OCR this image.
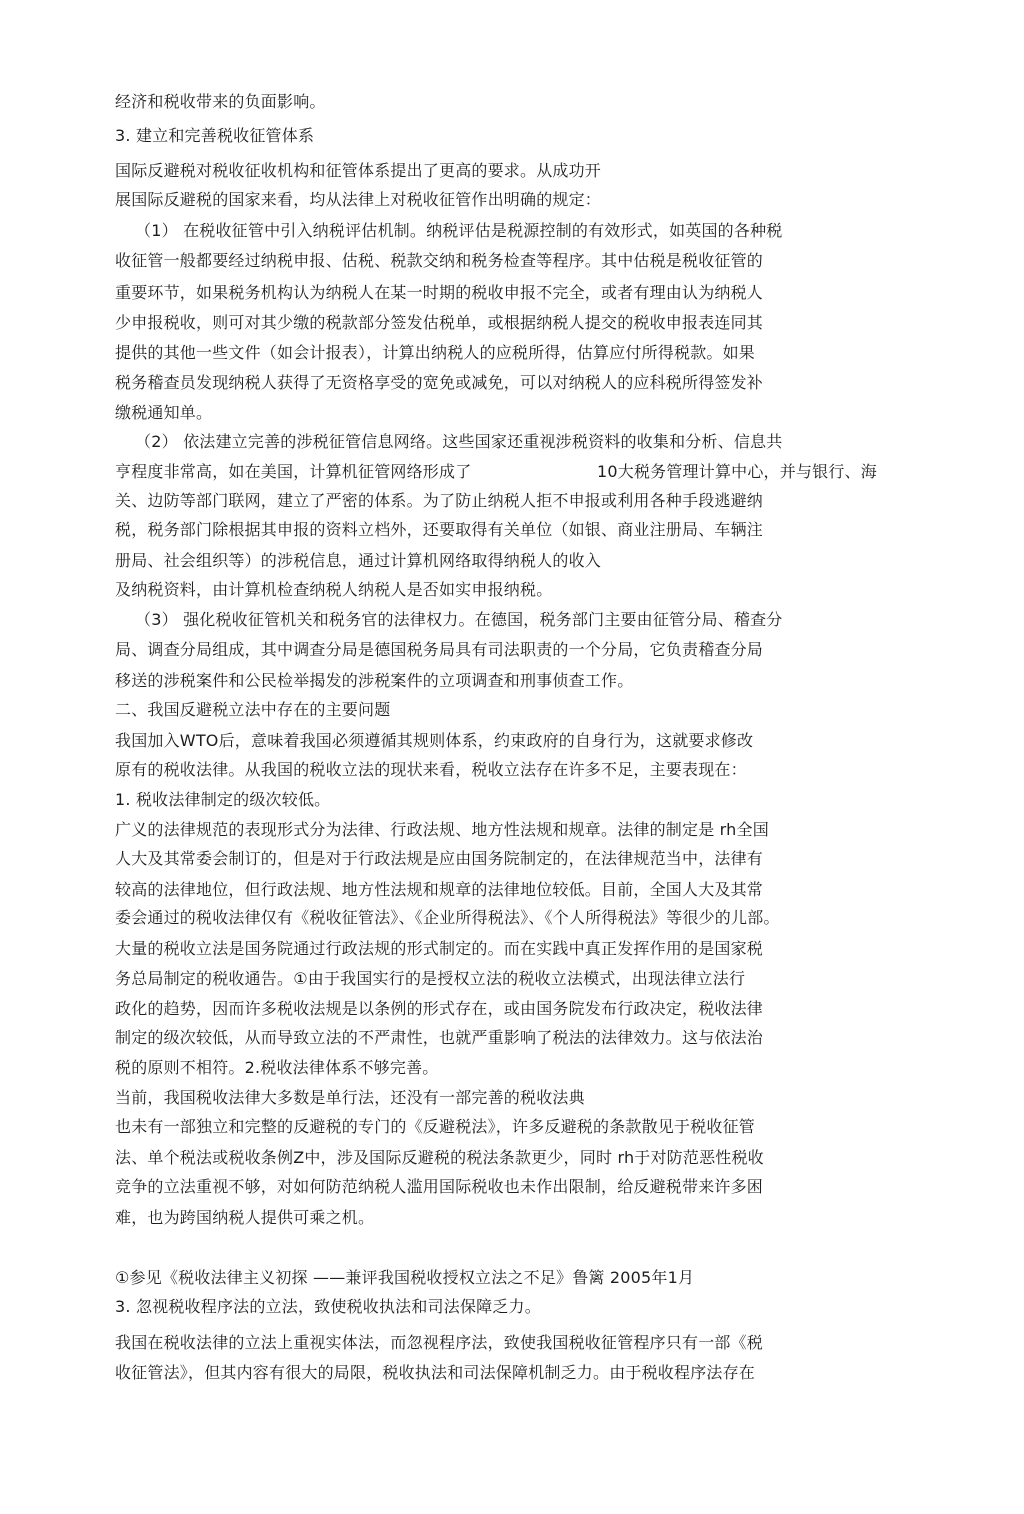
经济和税收带来的负面影响。
3. 建立和完善税收征管体系
国际反避税对税收征收机构和征管体系提出了更高的要求。从成功开
展国际反避税的国家来看，均从法律上对税收征管作出明确的规定：
（1） 在税收征管中引入纳税评估机制。纳税评估是税源控制的有效形式，如英国的各种税
收征管一般都要经过纳税申报、估税、税款交纳和税务检查等程序。其中估税是税收征管的
重要环节，如果税务机构认为纳税人在某一时期的税收申报不完全，或者有理由认为纳税人
少申报税收，则可对其少缴的税款部分签发估税单，或根据纳税人提交的税收申报表连同其
提供的其他一些文件（如会计报表），计算出纳税人的应税所得，估算应付所得税款。如果
税务稽查员发现纳税人获得了无资格享受的宽免或减免，可以对纳税人的应科税所得签发补
缴税通知单。
（2） 依法建立完善的涉税征管信息网络。这些国家还重视涉税资料的收集和分析、信息共
亨程度非常高，如在美国，计算机征管网络形成了	10大税务管理计算中心，并与银行、海
关、边防等部门联网，建立了严密的体系。为了防止纳税人拒不申报或利用各种手段逃避纳
税，税务部门除根据其申报的资料立档外，还要取得有关单位（如银、商业注册局、车辆注
册局、社会组织等）的涉税信息，通过计算机网络取得纳税人的收入
及纳税资料，由计算机检查纳税人纳税人是否如实申报纳税。
（3） 强化税收征管机关和税务官的法律权力。在德国，税务部门主要由征管分局、稽查分
局、调查分局组成，其中调查分局是德国税务局具有司法职责的一个分局，它负责稽查分局
移送的涉税案件和公民检举揭发的涉税案件的立项调查和刑事侦查工作。
二、我国反避税立法中存在的主要问题
我国加入WTO后，意味着我国必须遵循其规则体系，约束政府的自身行为，这就要求修改
原有的税收法律。从我国的税收立法的现状来看，税收立法存在许多不足，主要表现在：
1. 税收法律制定的级次较低。
广义的法律规范的表现形式分为法律、行政法规、地方性法规和规章。法律的制定是 rh全国
人大及其常委会制订的，但是对于行政法规是应由国务院制定的，在法律规范当中，法律有
较高的法律地位，但行政法规、地方性法规和规章的法律地位较低。目前，全国人大及其常
委会通过的税收法律仅有《税收征管法》、《企业所得税法》、《个人所得税法》等很少的儿部。
大量的税收立法是国务院通过行政法规的形式制定的。而在实践中真正发挥作用的是国家税
务总局制定的税收通告。①由于我国实行的是授权立法的税收立法模式，出现法律立法行
政化的趋势，因而许多税收法规是以条例的形式存在，或由国务院发布行政决定，税收法律
制定的级次较低，从而导致立法的不严肃性，也就严重影响了税法的法律效力。这与依法治
税的原则不相符。2.税收法律体系不够完善。
当前，我国税收法律大多数是单行法，还没有一部完善的税收法典
也未有一部独立和完整的反避税的专门的《反避税法》，许多反避税的条款散见于税收征管
法、单个税法或税收条例Z中，涉及国际反避税的税法条款更少，同时 rh于对防范恶性税收
竞争的立法重视不够，对如何防范纳税人滥用国际税收也未作出限制，给反避税带来许多困
难，也为跨国纳税人提供可乘之机。
①参见《税收法律主义初探 ——兼评我国税收授权立法之不足》鲁篱 2005年1月
3. 忽视税收程序法的立法，致使税收执法和司法保障乏力。
我国在税收法律的立法上重视实体法，而忽视程序法，致使我国税收征管程序只有一部《税
收征管法》，但其内容有很大的局限，税收执法和司法保障机制乏力。由于税收程序法存在
